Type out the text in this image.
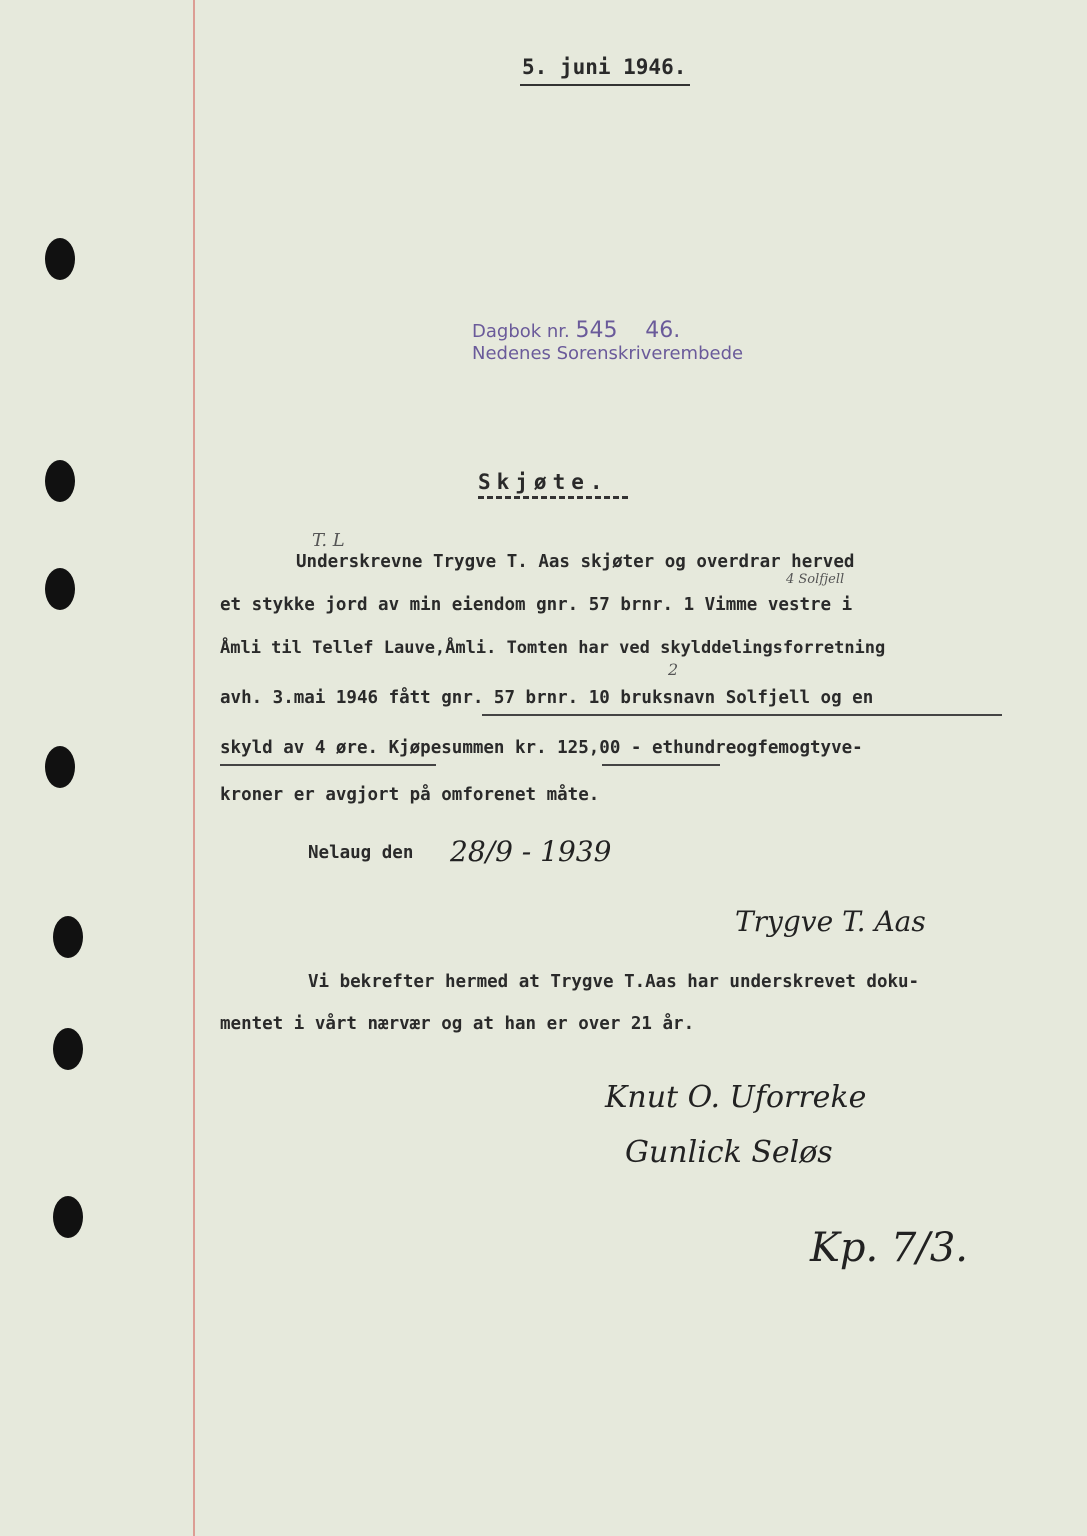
5. juni 1946.
Dagbok nr. 545 46.
Nedenes Sorenskriverembede
Skjøte.
T. L
4 Solfjell
2
Underskrevne Trygve T. Aas skjøter og overdrar herved
et stykke jord av min eiendom gnr. 57 brnr. 1 Vimme vestre i
Åmli til Tellef Lauve,Åmli. Tomten har ved skylddelingsforretning
avh. 3.mai 1946 fått gnr. 57 brnr. 10 bruksnavn Solfjell og en
skyld av 4 øre. Kjøpesummen kr. 125,00 - ethundreogfemogtyve-
kroner er avgjort på omforenet måte.
Nelaug den 28/9 - 1939
Trygve T. Aas
Vi bekrefter hermed at Trygve T.Aas har underskrevet doku-
mentet i vårt nærvær og at han er over 21 år.
Knut O. Uforreke
Gunlick Seløs
Kp. 7/3.
